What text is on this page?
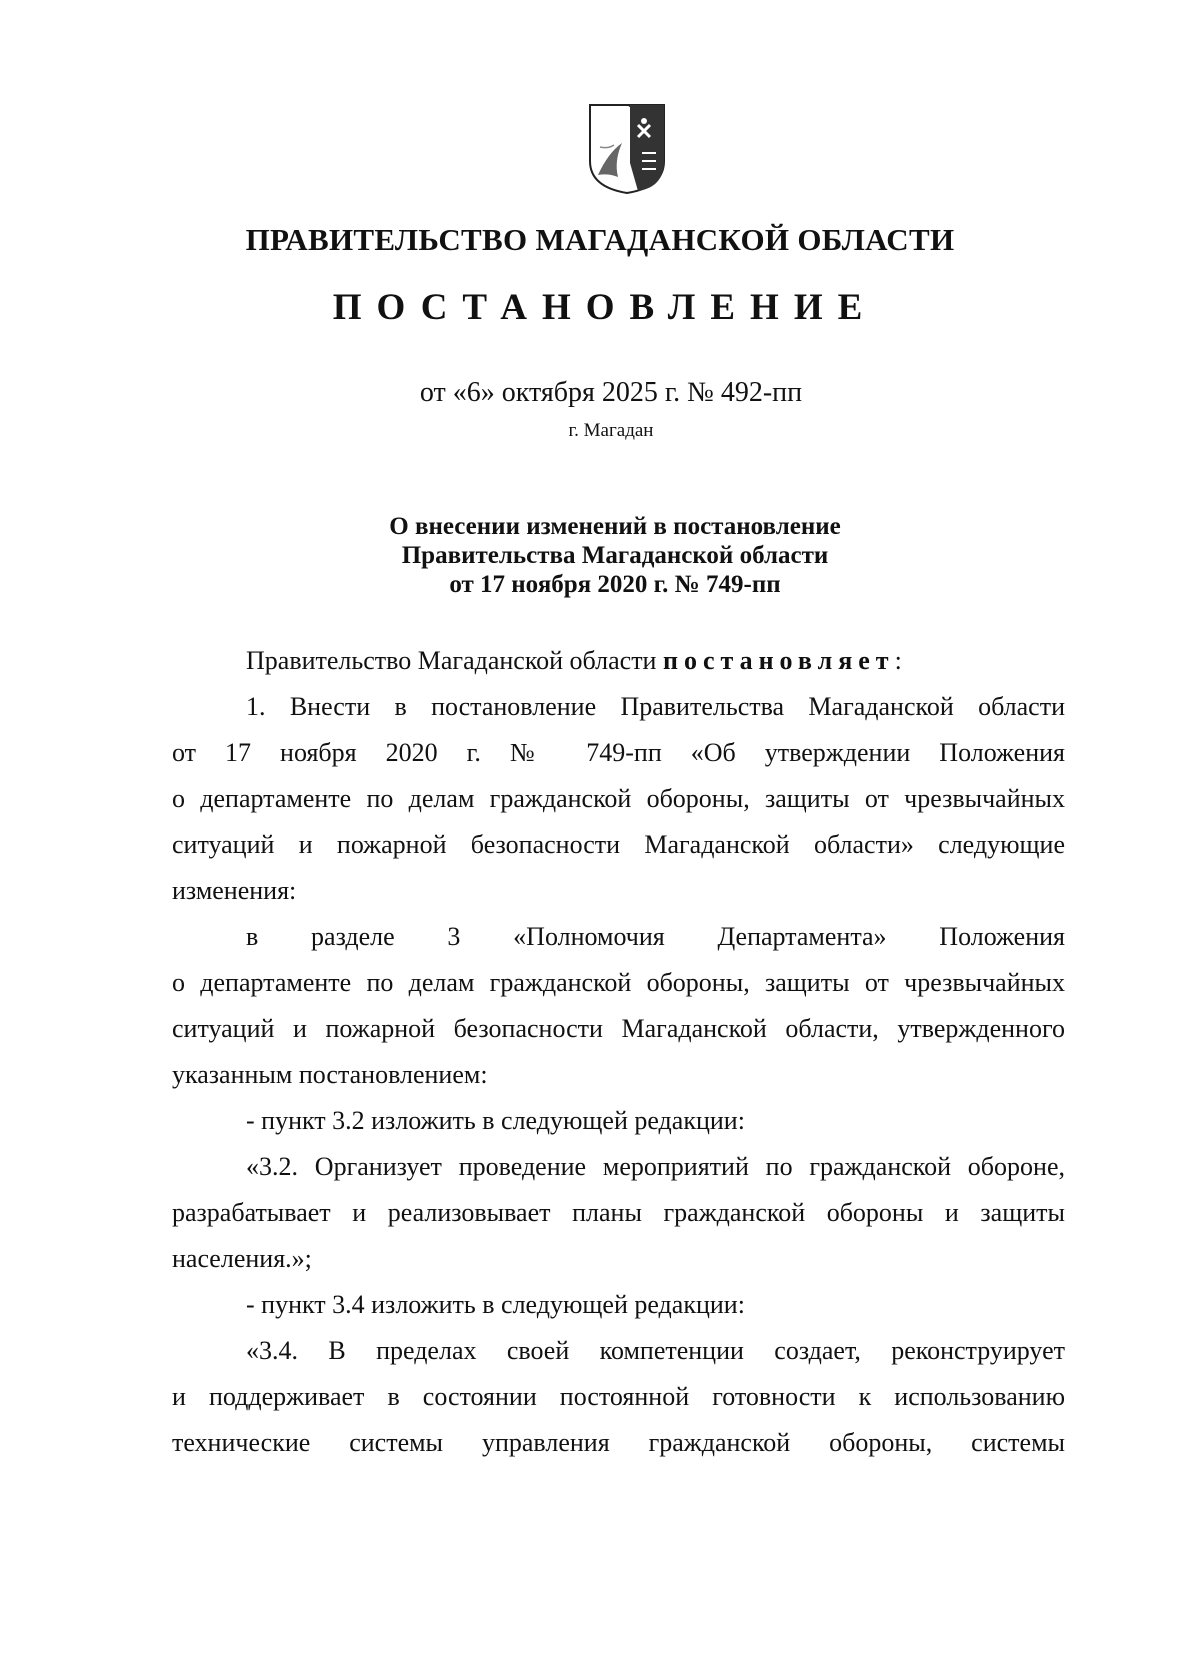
ПРАВИТЕЛЬСТВО МАГАДАНСКОЙ ОБЛАСТИ
ПОСТАНОВЛЕНИЕ
от «6» октября 2025 г. № 492-пп
г. Магадан
О внесении изменений в постановление
Правительства Магаданской области
от 17 ноября 2020 г. № 749-пп
Правительство Магаданской области постановляет:
1. Внести в постановление Правительства Магаданской области
от 17 ноября 2020 г. № 749-пп «Об утверждении Положения
о департаменте по делам гражданской обороны, защиты от чрезвычайных
ситуаций и пожарной безопасности Магаданской области» следующие
изменения:
в разделе 3 «Полномочия Департамента» Положения
о департаменте по делам гражданской обороны, защиты от чрезвычайных
ситуаций и пожарной безопасности Магаданской области, утвержденного
указанным постановлением:
- пункт 3.2 изложить в следующей редакции:
«3.2. Организует проведение мероприятий по гражданской обороне,
разрабатывает и реализовывает планы гражданской обороны и защиты
населения.»;
- пункт 3.4 изложить в следующей редакции:
«3.4. В пределах своей компетенции создает, реконструирует
и поддерживает в состоянии постоянной готовности к использованию
технические системы управления гражданской обороны, системы
